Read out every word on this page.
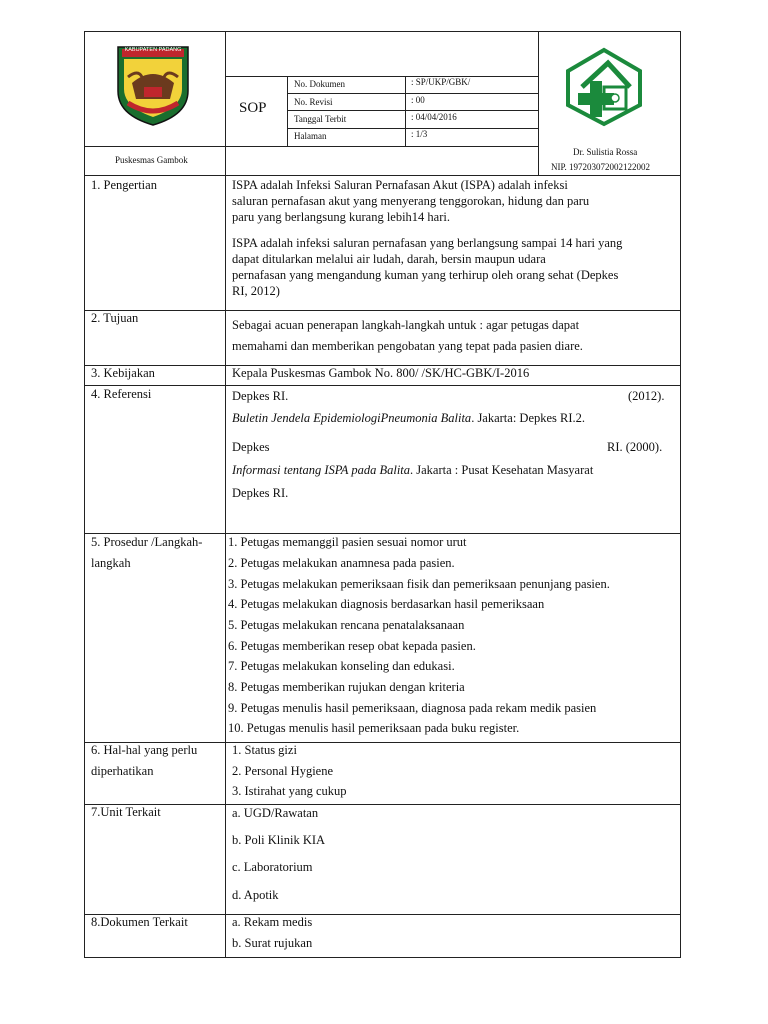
KABUPATEN PADANG
SOP
No. Dokumen	: SP/UKP/GBK/
No. Revisi	: 00
Tanggal Terbit	: 04/04/2016
Halaman	: 1/3
Puskesmas Gambok
Dr. Sulistia Rossa
NIP. 197203072002122002
1. Pengertian	ISPA adalah Infeksi Saluran Pernafasan Akut (ISPA) adalah infeksi
saluran pernafasan akut yang menyerang tenggorokan, hidung dan paru
paru yang berlangsung kurang lebih14 hari.
ISPA adalah infeksi saluran pernafasan yang berlangsung sampai 14 hari yang
dapat ditularkan melalui air ludah, darah, bersin maupun udara
pernafasan yang mengandung kuman yang terhirup oleh orang sehat (Depkes
RI, 2012)
2. Tujuan	Sebagai acuan penerapan langkah-langkah untuk : agar petugas dapat
memahami dan memberikan pengobatan yang tepat pada pasien diare.
3. Kebijakan	Kepala Puskesmas Gambok No. 800/ /SK/HC-GBK/I-2016
4. Referensi	Depkes RI.	(2012).
Buletin Jendela EpidemiologiPneumonia Balita. Jakarta: Depkes RI.2.
Depkes	RI. (2000).
Informasi tentang ISPA pada Balita. Jakarta : Pusat Kesehatan Masyarat
Depkes RI.
5. Prosedur /Langkah-
langkah
1. Petugas memanggil pasien sesuai nomor urut
2. Petugas melakukan anamnesa pada pasien.
3. Petugas melakukan pemeriksaan fisik dan pemeriksaan penunjang pasien.
4. Petugas melakukan diagnosis berdasarkan hasil pemeriksaan
5. Petugas melakukan rencana penatalaksanaan
6. Petugas memberikan resep obat kepada pasien.
7. Petugas melakukan konseling dan edukasi.
8. Petugas memberikan rujukan dengan kriteria
9. Petugas menulis hasil pemeriksaan, diagnosa pada rekam medik pasien
10. Petugas menulis hasil pemeriksaan pada buku register.
6. Hal-hal yang perlu
diperhatikan
1. Status gizi
2. Personal Hygiene
3. Istirahat yang cukup
7.Unit Terkait	a. UGD/Rawatan
b. Poli Klinik KIA
c. Laboratorium
d. Apotik
8.Dokumen Terkait	a. Rekam medis
b. Surat rujukan
